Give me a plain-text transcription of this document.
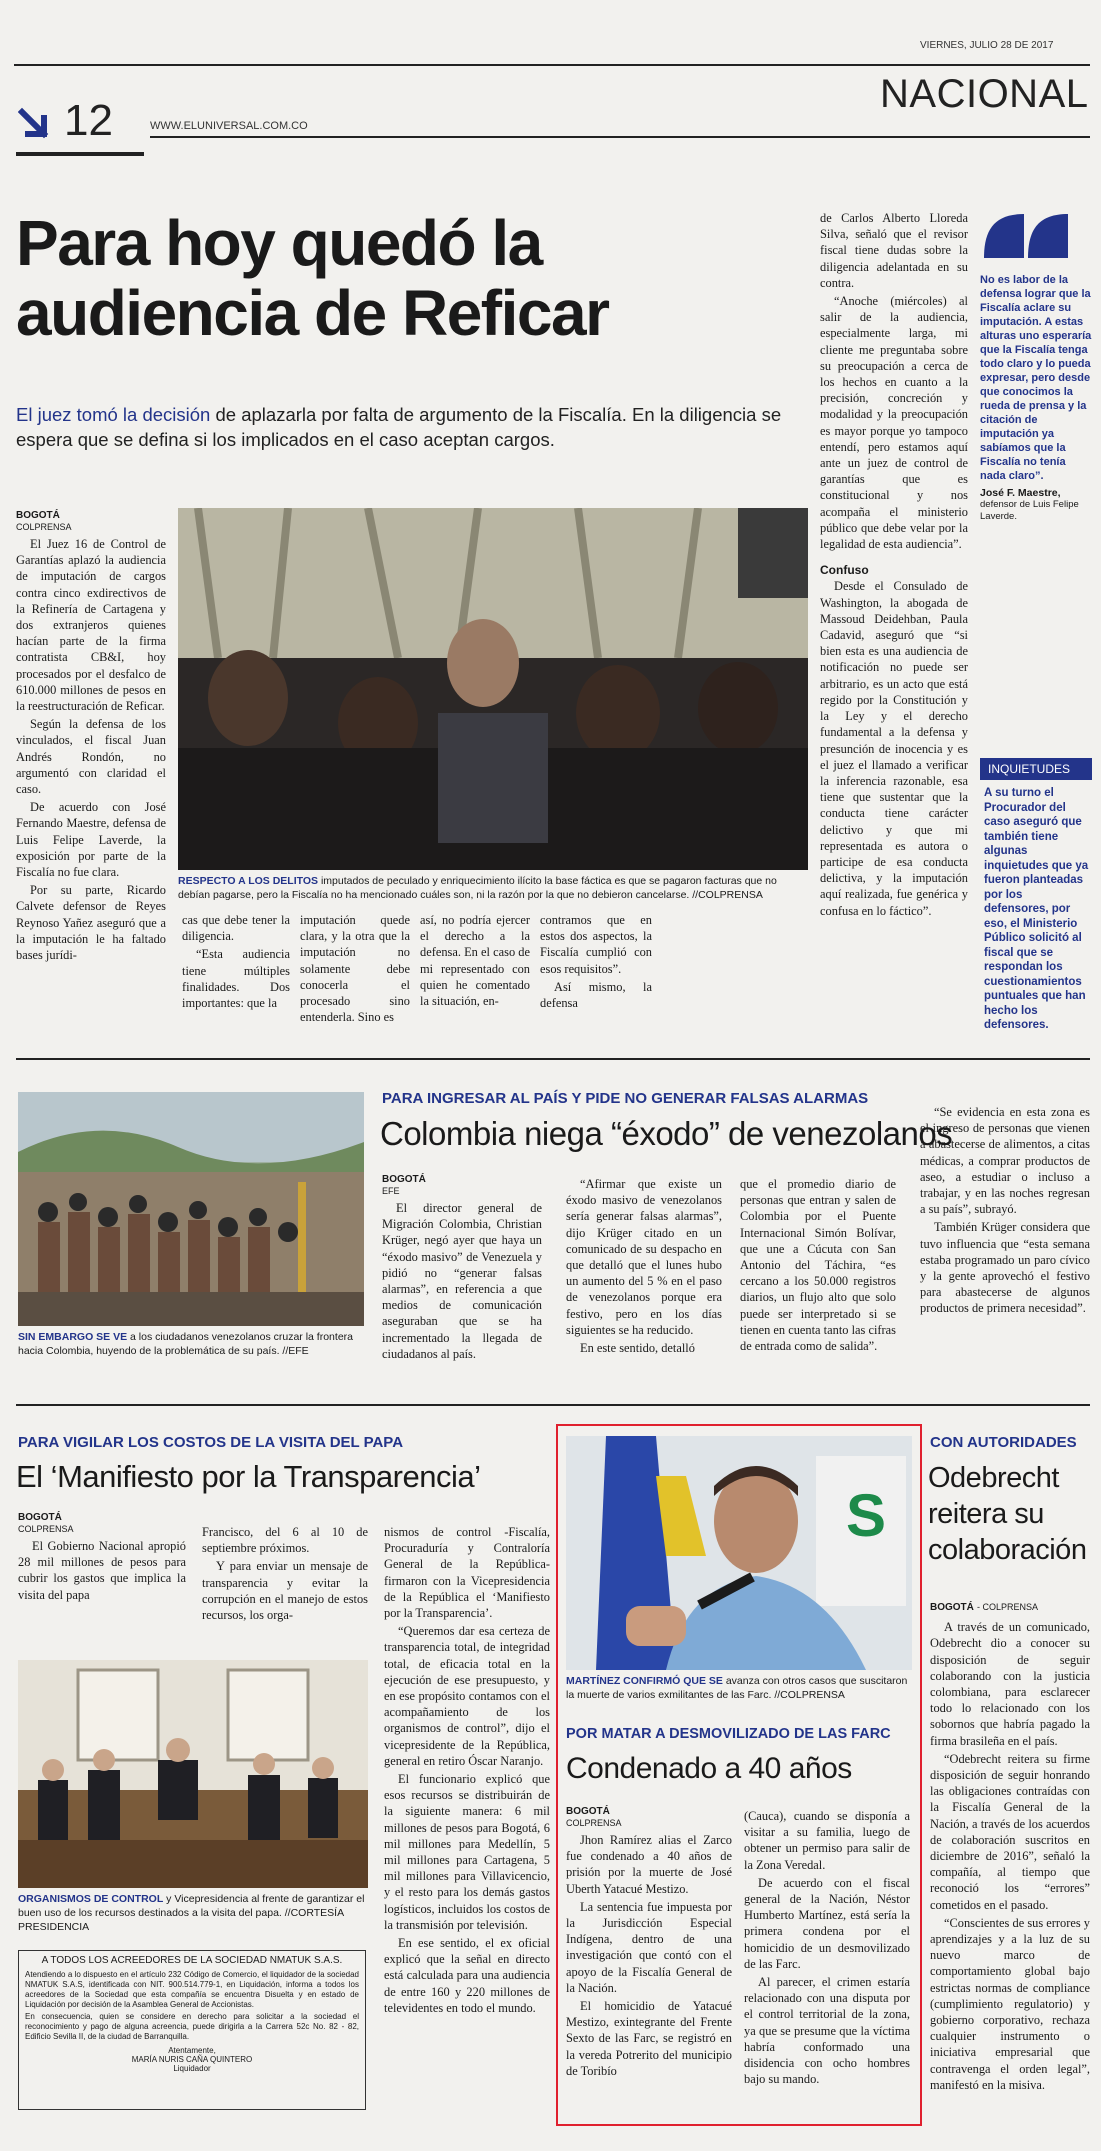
VIERNES, JULIO 28 DE 2017
12	WWW.ELUNIVERSAL.COM.CO
NACIONAL
Para hoy quedó la
audiencia de Reficar
El juez tomó la decisión de aplazarla por falta de argumento de la Fiscalía. En la diligencia se espera que se defina si los implicados en el caso aceptan cargos.
BOGOTÁ
COLPRENSA

El Juez 16 de Control de Garantías aplazó la audiencia de imputación de cargos contra cinco exdirectivos de la Refinería de Cartagena y dos extranjeros quienes hacían parte de la firma contratista CB&I, hoy procesados por el desfalco de 610.000 millones de pesos en la reestructuración de Reficar.

Según la defensa de los vinculados, el fiscal Juan Andrés Rondón, no argumentó con claridad el caso.

De acuerdo con José Fernando Maestre, defensa de Luis Felipe Laverde, la exposición por parte de la Fiscalía no fue clara.

Por su parte, Ricardo Calvete defensor de Reyes Reynoso Yañez aseguró que a la imputación le ha faltado bases jurídi-

RESPECTO A LOS DELITOS imputados de peculado y enriquecimiento ilícito la base fáctica es que se pagaron facturas que no debían pagarse, pero la Fiscalía no ha mencionado cuáles son, ni la razón por la que no debieron cancelarse. //COLPRENSA

cas que debe tener la diligencia.

“Esta audiencia tiene múltiples finalidades. Dos importantes: que la

imputación quede clara, y la otra que la imputación no solamente debe conocerla el procesado sino entenderla. Sino es

así, no podría ejercer el derecho a la defensa. En el caso de mi representado con quien he comentado la situación, en-

contramos que en estos dos aspectos, la Fiscalía cumplió con esos requisitos”.

Así mismo, la defensa

de Carlos Alberto Lloreda Silva, señaló que el revisor fiscal tiene dudas sobre la diligencia adelantada en su contra.

“Anoche (miércoles) al salir de la audiencia, especialmente larga, mi cliente me preguntaba sobre su preocupación a cerca de los hechos en cuanto a la precisión, concreción y modalidad y la preocupación es mayor porque yo tampoco entendí, pero estamos aquí ante un juez de control de garantías que es constitucional y nos acompaña el ministerio público que debe velar por la legalidad de esta audiencia”.

Confuso

Desde el Consulado de Washington, la abogada de Massoud Deidehban, Paula Cadavid, aseguró que “si bien esta es una audiencia de notificación no puede ser arbitrario, es un acto que está regido por la Constitución y la Ley y el derecho fundamental a la defensa y presunción de inocencia y es el juez el llamado a verificar la inferencia razonable, esa tiene que sustentar que la conducta tiene carácter delictivo y que mi representada es autora o participe de esa conducta delictiva, y la imputación aquí realizada, fue genérica y confusa en lo fáctico”.

No es labor de la defensa lograr que la Fiscalía aclare su imputación. A estas alturas uno esperaría que la Fiscalía tenga todo claro y lo pueda expresar, pero desde que conocimos la rueda de prensa y la citación de imputación ya sabíamos que la Fiscalía no tenía nada claro”.
José F. Maestre,
defensor de Luis Felipe Laverde.
INQUIETUDES
A su turno el Procurador del caso aseguró que también tiene algunas inquietudes que ya fueron planteadas por los defensores, por eso, el Ministerio Público solicitó al fiscal que se respondan los cuestionamientos puntuales que han hecho los defensores.
SIN EMBARGO SE VE a los ciudadanos venezolanos cruzar la frontera hacia Colombia, huyendo de la problemática de su país. //EFE
PARA INGRESAR AL PAÍS Y PIDE NO GENERAR FALSAS ALARMAS
Colombia niega “éxodo” de venezolanos
BOGOTÁ
EFE

El director general de Migración Colombia, Christian Krüger, negó ayer que haya un “éxodo masivo” de Venezuela y pidió no “generar falsas alarmas”, en referencia a que medios de comunicación aseguraban que se ha incrementado la llegada de ciudadanos al país.

“Afirmar que existe un éxodo masivo de venezolanos sería generar falsas alarmas”, dijo Krüger citado en un comunicado de su despacho en que detalló que el lunes hubo un aumento del 5 % en el paso de venezolanos porque era festivo, pero en los días siguientes se ha reducido.

En este sentido, detalló

que el promedio diario de personas que entran y salen de Colombia por el Puente Internacional Simón Bolívar, que une a Cúcuta con San Antonio del Táchira, “es cercano a los 50.000 registros diarios, un flujo alto que solo puede ser interpretado si se tienen en cuenta tanto las cifras de entrada como de salida”.

“Se evidencia en esta zona es el ingreso de personas que vienen a abastecerse de alimentos, a citas médicas, a comprar productos de aseo, a estudiar o incluso a trabajar, y en las noches regresan a su país”, subrayó.

También Krüger considera que tuvo influencia que “esta semana estaba programado un paro cívico y la gente aprovechó el festivo para abastecerse de algunos productos de primera necesidad”.

PARA VIGILAR LOS COSTOS DE LA VISITA DEL PAPA
El ‘Manifiesto por la Transparencia’
BOGOTÁ
COLPRENSA

El Gobierno Nacional apropió 28 mil millones de pesos para cubrir los gastos que implica la visita del papa

Francisco, del 6 al 10 de septiembre próximos.

Y para enviar un mensaje de transparencia y evitar la corrupción en el manejo de estos recursos, los orga-

nismos de control -Fiscalía, Procuraduría y Contraloría General de la República- firmaron con la Vicepresidencia de la República el ‘Manifiesto por la Transparencia’.

“Queremos dar esa certeza de transparencia total, de integridad total, de eficacia total en la ejecución de ese presupuesto, y en ese propósito contamos con el acompañamiento de los organismos de control”, dijo el vicepresidente de la República, general en retiro Óscar Naranjo.

El funcionario explicó que esos recursos se distribuirán de la siguiente manera: 6 mil millones de pesos para Bogotá, 6 mil millones para Medellín, 5 mil millones para Cartagena, 5 mil millones para Villavicencio, y el resto para los demás gastos logísticos, incluidos los costos de la transmisión por televisión.

En ese sentido, el ex oficial explicó que la señal en directo está calculada para una audiencia de entre 160 y 220 millones de televidentes en todo el mundo.

ORGANISMOS DE CONTROL y Vicepresidencia al frente de garantizar el buen uso de los recursos destinados a la visita del papa. //CORTESÍA PRESIDENCIA
A TODOS LOS ACREEDORES DE LA SOCIEDAD NMATUK S.A.S.
Atendiendo a lo dispuesto en el artículo 232 Código de Comercio, el liquidador de la sociedad NMATUK S.A.S, identificada con NIT. 900.514.779-1, en Liquidación, informa a todos los acreedores de la Sociedad que esta compañía se encuentra Disuelta y en estado de Liquidación por decisión de la Asamblea General de Accionistas.
En consecuencia, quien se considere en derecho para solicitar a la sociedad el reconocimiento y pago de alguna acreencia, puede dirigirla a la Carrera 52c No. 82 - 82, Edificio Sevilla II, de la ciudad de Barranquilla.
Atentamente,
MARÍA NURIS CAÑA QUINTERO
Liquidador
S
MARTÍNEZ CONFIRMÓ QUE SE avanza con otros casos que suscitaron la muerte de varios exmilitantes de las Farc. //COLPRENSA
POR MATAR A DESMOVILIZADO DE LAS FARC
Condenado a 40 años
BOGOTÁ
COLPRENSA

Jhon Ramírez alias el Zarco fue condenado a 40 años de prisión por la muerte de José Uberth Yatacué Mestizo.

La sentencia fue impuesta por la Jurisdicción Especial Indígena, dentro de una investigación que contó con el apoyo de la Fiscalía General de la Nación.

El homicidio de Yatacué Mestizo, exintegrante del Frente Sexto de las Farc, se registró en la vereda Potrerito del municipio de Toribío

(Cauca), cuando se disponía a visitar a su familia, luego de obtener un permiso para salir de la Zona Veredal.

De acuerdo con el fiscal general de la Nación, Néstor Humberto Martínez, está sería la primera condena por el homicidio de un desmovilizado de las Farc.

Al parecer, el crimen estaría relacionado con una disputa por el control territorial de la zona, ya que se presume que la víctima habría conformado una disidencia con ocho hombres bajo su mando.

CON AUTORIDADES
Odebrecht reitera su colaboración
BOGOTÁ - COLPRENSA

A través de un comunicado, Odebrecht dio a conocer su disposición de seguir colaborando con la justicia colombiana, para esclarecer todo lo relacionado con los sobornos que habría pagado la firma brasileña en el país.

“Odebrecht reitera su firme disposición de seguir honrando las obligaciones contraídas con la Fiscalía General de la Nación, a través de los acuerdos de colaboración suscritos en diciembre de 2016”, señaló la compañía, al tiempo que reconoció los “errores” cometidos en el pasado.

“Conscientes de sus errores y aprendizajes y a la luz de su nuevo marco de comportamiento global bajo estrictas normas de compliance (cumplimiento regulatorio) y gobierno corporativo, rechaza cualquier instrumento o iniciativa empresarial que contravenga el orden legal”, manifestó en la misiva.
